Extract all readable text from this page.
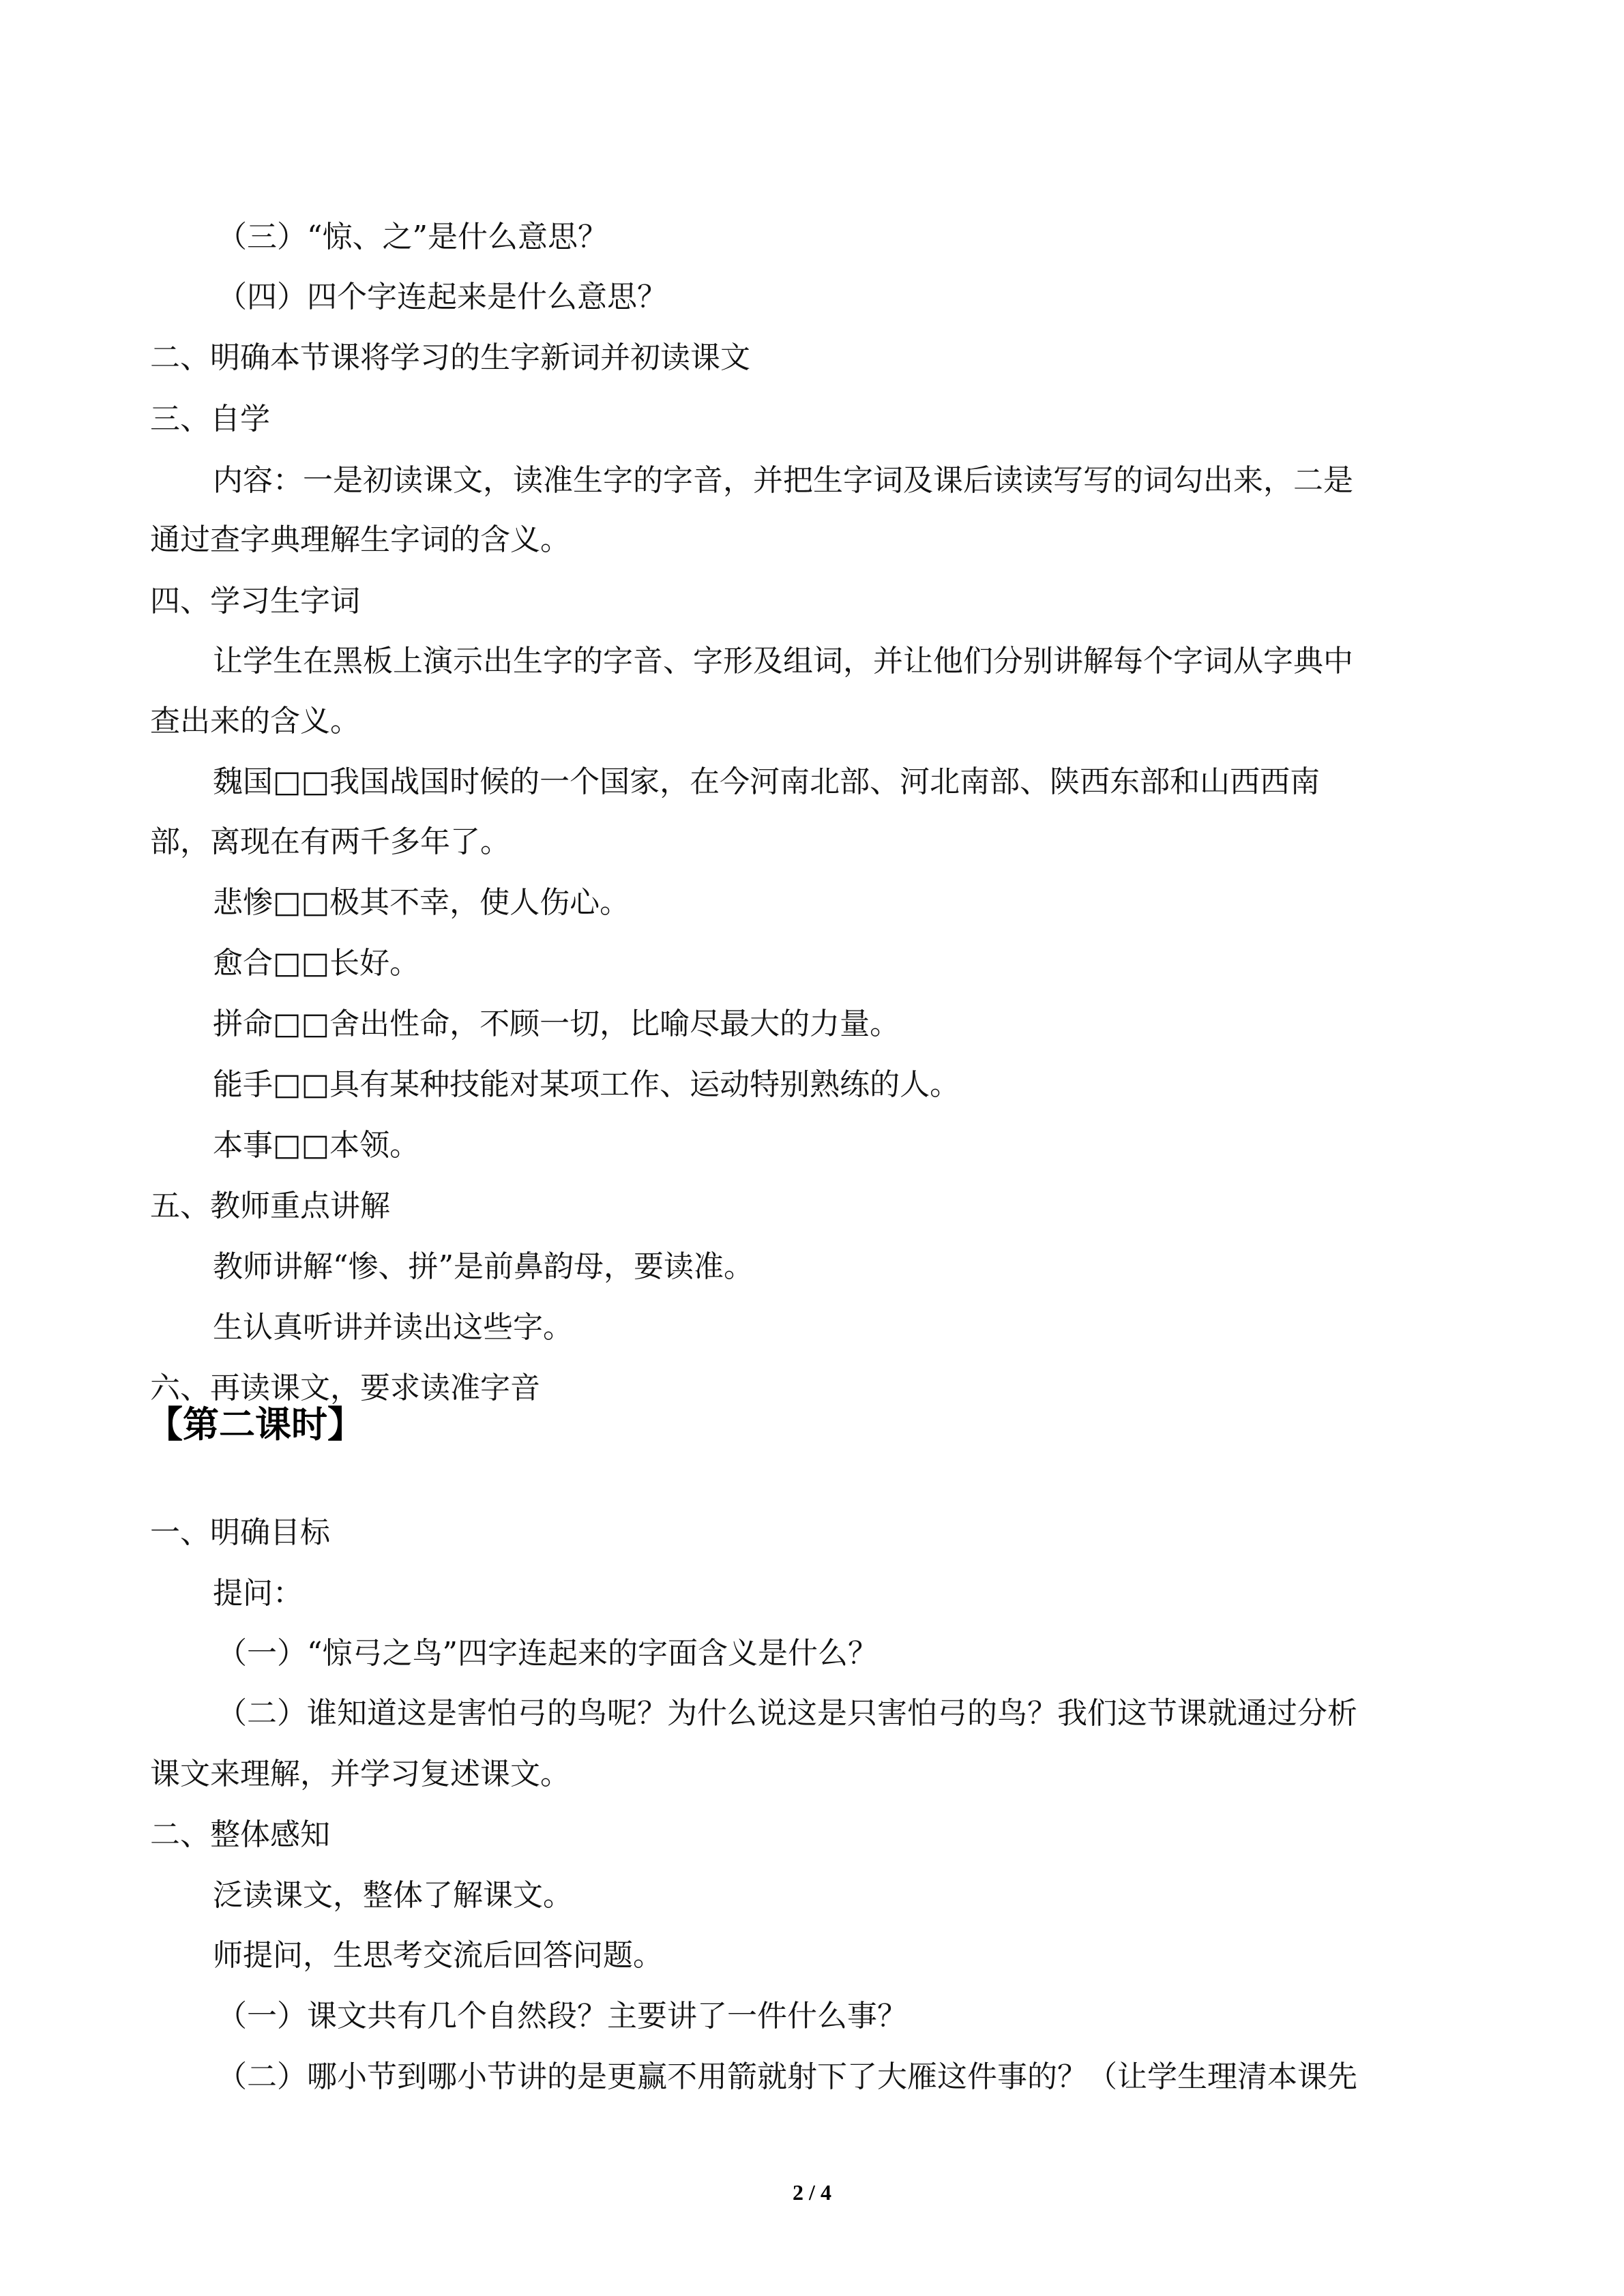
（三）“惊、之”是什么意思？
（四）四个字连起来是什么意思？
二、明确本节课将学习的生字新词并初读课文
三、自学
内容：一是初读课文，读准生字的字音，并把生字词及课后读读写写的词勾出来，二是
通过查字典理解生字词的含义。
四、学习生字词
让学生在黑板上演示出生字的字音、字形及组词，并让他们分别讲解每个字词从字典中
查出来的含义。
魏国□□我国战国时候的一个国家，在今河南北部、河北南部、陕西东部和山西西南
部，离现在有两千多年了。
悲惨□□极其不幸，使人伤心。
愈合□□长好。
拼命□□舍出性命，不顾一切，比喻尽最大的力量。
能手□□具有某种技能对某项工作、运动特别熟练的人。
本事□□本领。
五、教师重点讲解
教师讲解“惨、拼”是前鼻韵母，要读准。
生认真听讲并读出这些字。
六、再读课文，要求读准字音
【第二课时】
一、明确目标
提问：
（一）“惊弓之鸟”四字连起来的字面含义是什么？
（二）谁知道这是害怕弓的鸟呢？为什么说这是只害怕弓的鸟？我们这节课就通过分析
课文来理解，并学习复述课文。
二、整体感知
泛读课文，整体了解课文。
师提问，生思考交流后回答问题。
（一）课文共有几个自然段？主要讲了一件什么事？
（二）哪小节到哪小节讲的是更赢不用箭就射下了大雁这件事的？（让学生理清本课先
2 / 4
